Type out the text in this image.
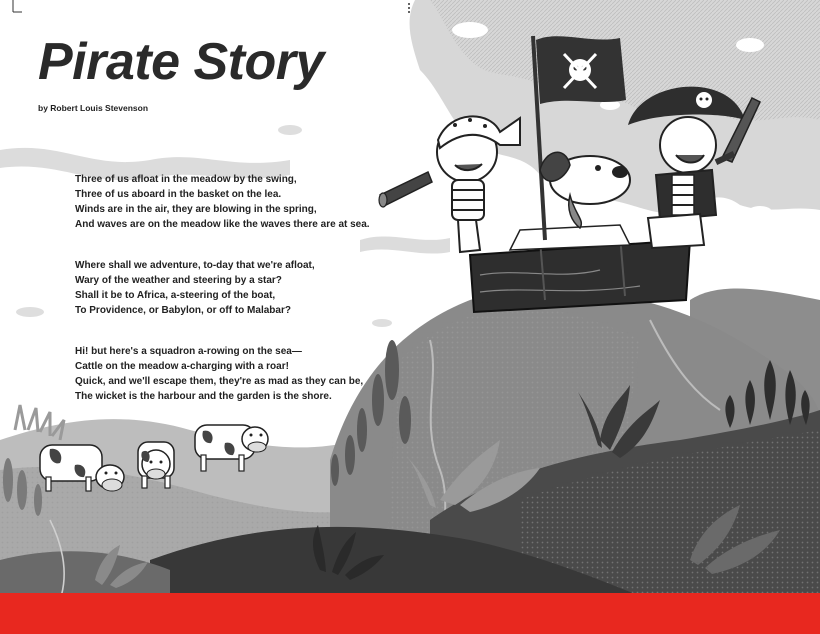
Pirate Story

by Robert Louis Stevenson

Three of us afloat in the meadow by the swing,

Three of us aboard in the basket on the lea.

Winds are in the air, they are blowing in the spring,

And waves are on the meadow like the waves there are at sea.

Where shall we adventure, to-day that we're afloat,

Wary of the weather and steering by a star?

Shall it be to Africa, a-steering of the boat,

To Providence, or Babylon, or off to Malabar?

Hi! but here's a squadron a-rowing on the sea—

Cattle on the meadow a-charging with a roar!

Quick, and we'll escape them, they're as mad as they can be,

The wicket is the harbour and the garden is the shore.
